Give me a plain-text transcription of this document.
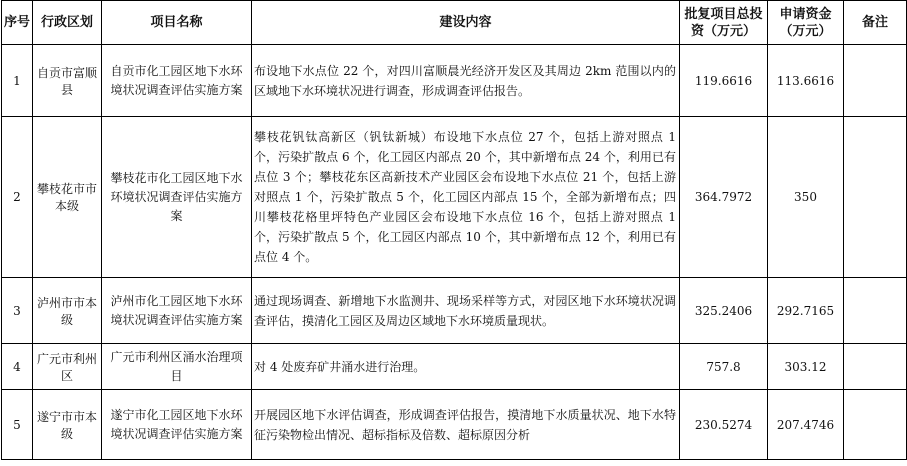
序号	行政区划	项目名称	建设内容	批复项目总投资（万元）	申请资金（万元）	备注
1	自贡市富顺县	自贡市化工园区地下水环境状况调查评估实施方案	布设地下水点位 22 个，对四川富顺晨光经济开发区及其周边 2km 范围以内的区域地下水环境状况进行调查，形成调查评估报告。	119.6616	113.6616	
2	攀枝花市市本级	攀枝花市化工园区地下水环境状况调查评估实施方案	攀枝花钒钛高新区（钒钛新城）布设地下水点位 27 个，包括上游对照点 1 个，污染扩散点 6 个，化工园区内部点 20 个，其中新增布点 24 个，利用已有点位 3 个；攀枝花东区高新技术产业园区会布设地下水点位 21 个，包括上游对照点 1 个，污染扩散点 5 个，化工园区内部点 15 个，全部为新增布点；四川攀枝花格里坪特色产业园区会布设地下水点位 16 个，包括上游对照点 1 个，污染扩散点 5 个，化工园区内部点 10 个，其中新增布点 12 个，利用已有点位 4 个。	364.7972	350	
3	泸州市市本级	泸州市化工园区地下水环境状况调查评估实施方案	通过现场调查、新增地下水监测井、现场采样等方式，对园区地下水环境状况调查评估，摸清化工园区及周边区域地下水环境质量现状。	325.2406	292.7165	
4	广元市利州区	广元市利州区涌水治理项目	对 4 处废弃矿井涌水进行治理。	757.8	303.12	
5	遂宁市市本级	遂宁市化工园区地下水环境状况调查评估实施方案	开展园区地下水评估调查，形成调查评估报告，摸清地下水质量状况、地下水特征污染物检出情况、超标指标及倍数、超标原因分析	230.5274	207.4746	
